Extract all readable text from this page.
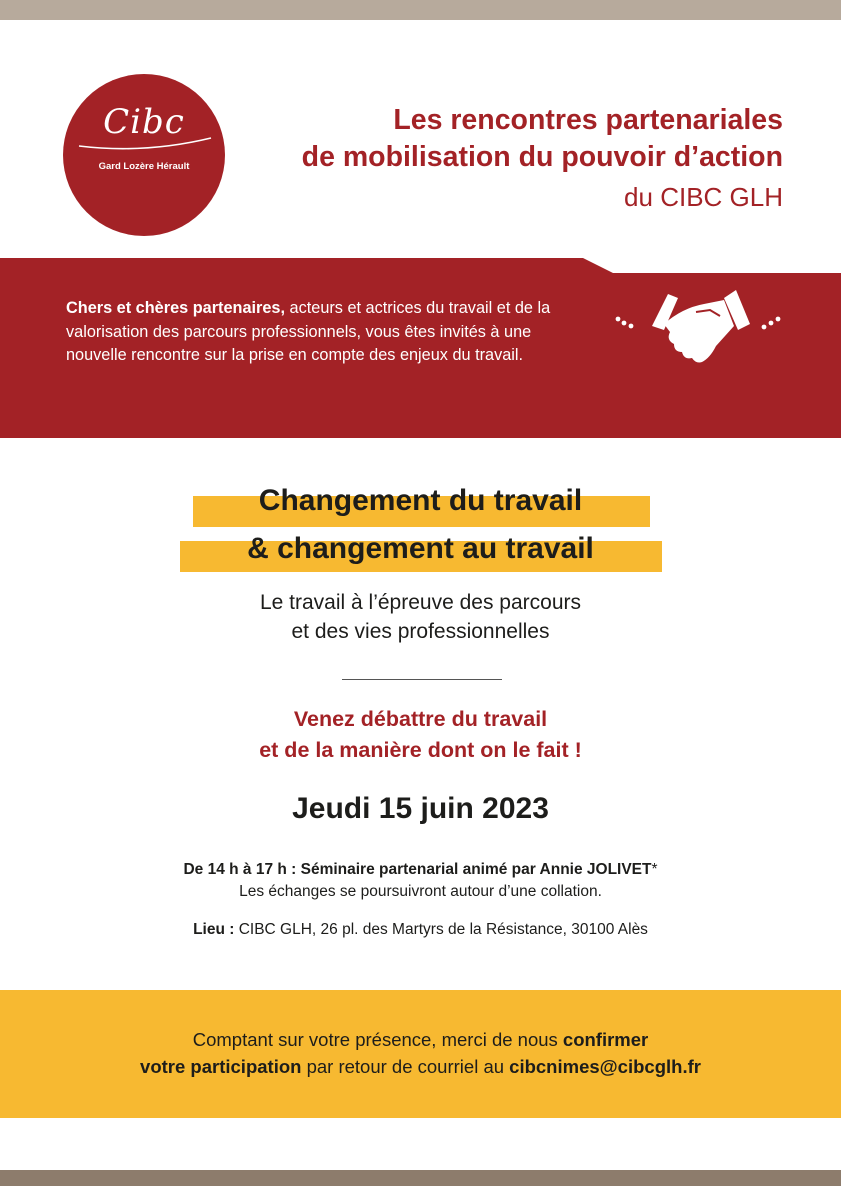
Cibc
Gard Lozère Hérault
Les rencontres partenariales
de mobilisation du pouvoir d’action
du CIBC GLH
Chers et chères partenaires, acteurs et actrices du travail et de la valorisation des parcours professionnels, vous êtes invités à une nouvelle rencontre sur la prise en compte des enjeux du travail.
Changement du travail
& changement au travail
Le travail à l’épreuve des parcours
et des vies professionnelles
Venez débattre du travail
et de la manière dont on le fait !
Jeudi 15 juin 2023
De 14 h à 17 h : Séminaire partenarial animé par Annie JOLIVET*
Les échanges se poursuivront autour d’une collation.
Lieu : CIBC GLH, 26 pl. des Martyrs de la Résistance, 30100 Alès
Comptant sur votre présence, merci de nous confirmer
votre participation par retour de courriel au cibcnimes@cibcglh.fr
